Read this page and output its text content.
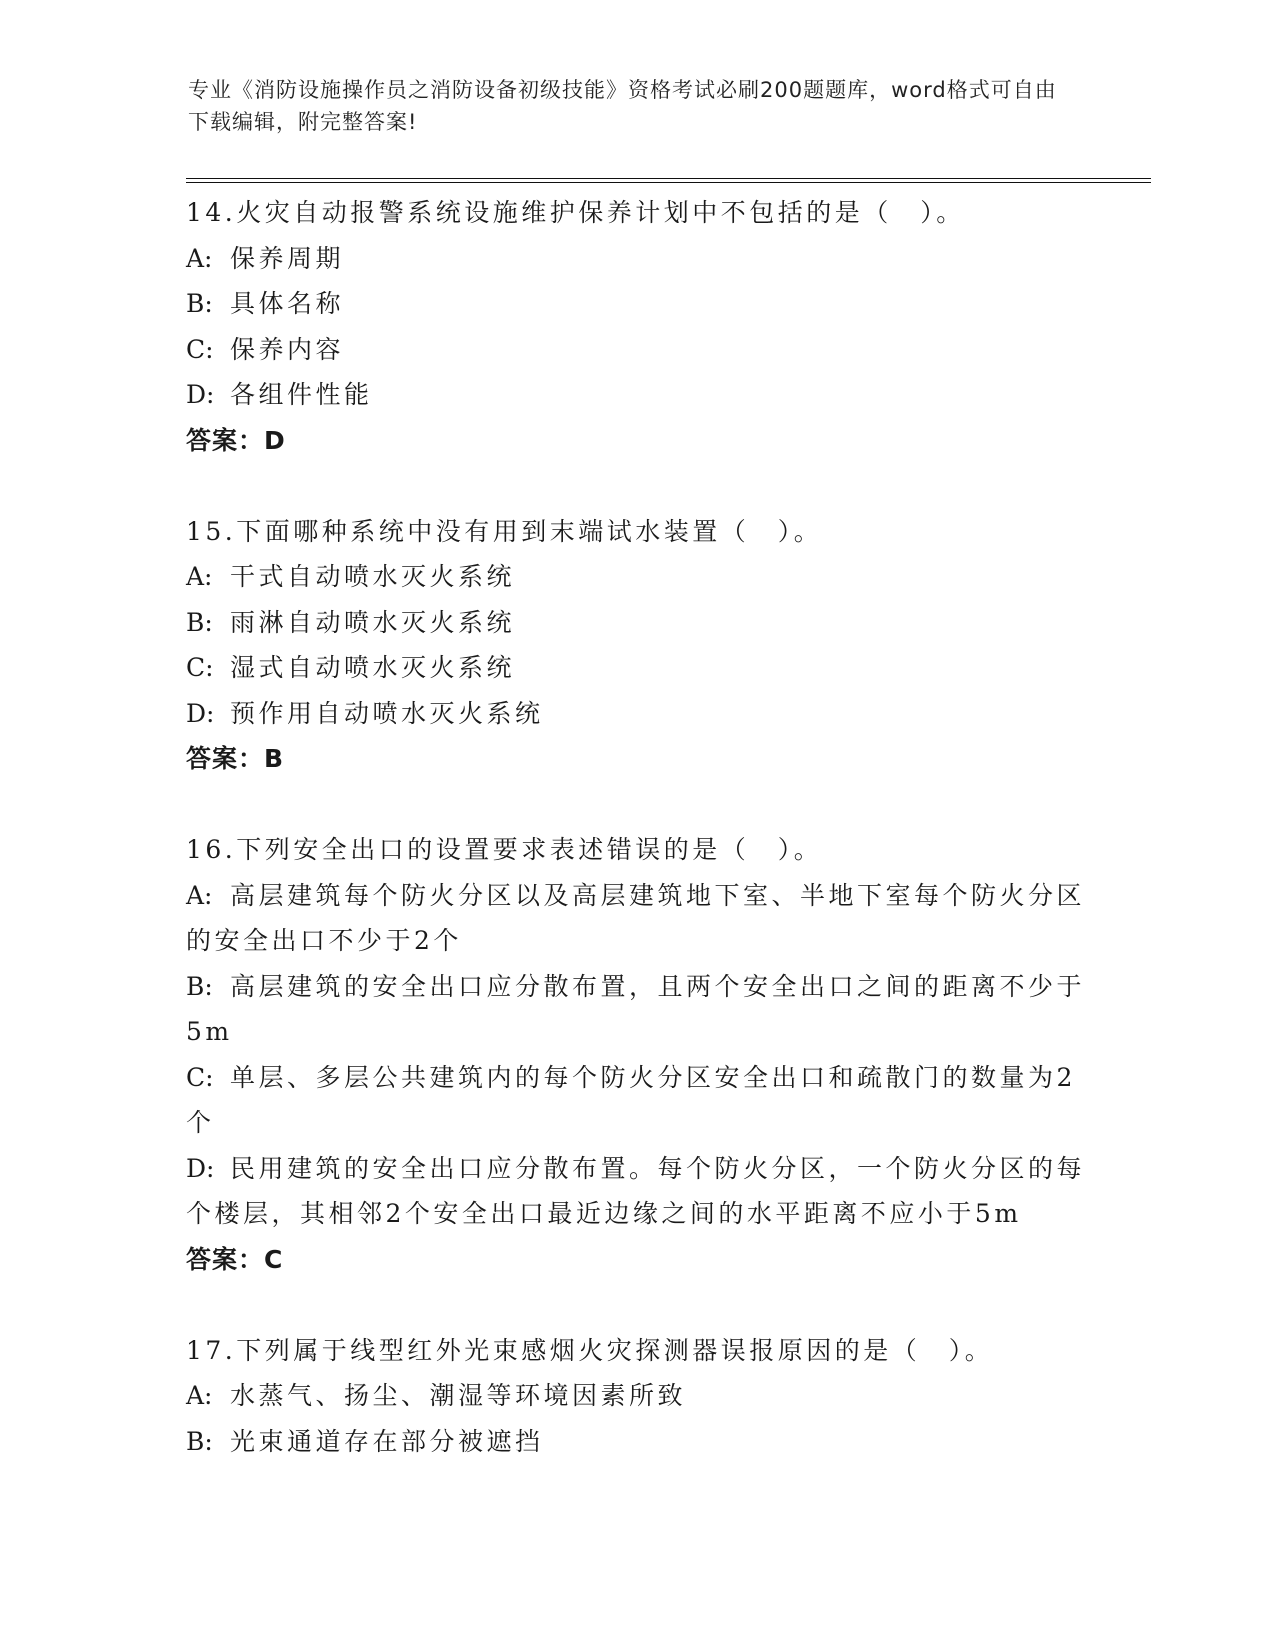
专业《消防设施操作员之消防设备初级技能》资格考试必刷200题题库，word格式可自由下载编辑，附完整答案!
14.火灾自动报警系统设施维护保养计划中不包括的是（　）。
A: 保养周期
B: 具体名称
C: 保养内容
D: 各组件性能
答案：D
15.下面哪种系统中没有用到末端试水装置（　）。
A: 干式自动喷水灭火系统
B: 雨淋自动喷水灭火系统
C: 湿式自动喷水灭火系统
D: 预作用自动喷水灭火系统
答案：B
16.下列安全出口的设置要求表述错误的是（　）。
A: 高层建筑每个防火分区以及高层建筑地下室、半地下室每个防火分区的安全出口不少于2个
B: 高层建筑的安全出口应分散布置，且两个安全出口之间的距离不少于5m
C: 单层、多层公共建筑内的每个防火分区安全出口和疏散门的数量为2个
D: 民用建筑的安全出口应分散布置。每个防火分区，一个防火分区的每个楼层，其相邻2个安全出口最近边缘之间的水平距离不应小于5m
答案：C
17.下列属于线型红外光束感烟火灾探测器误报原因的是（　）。
A: 水蒸气、扬尘、潮湿等环境因素所致
B: 光束通道存在部分被遮挡
